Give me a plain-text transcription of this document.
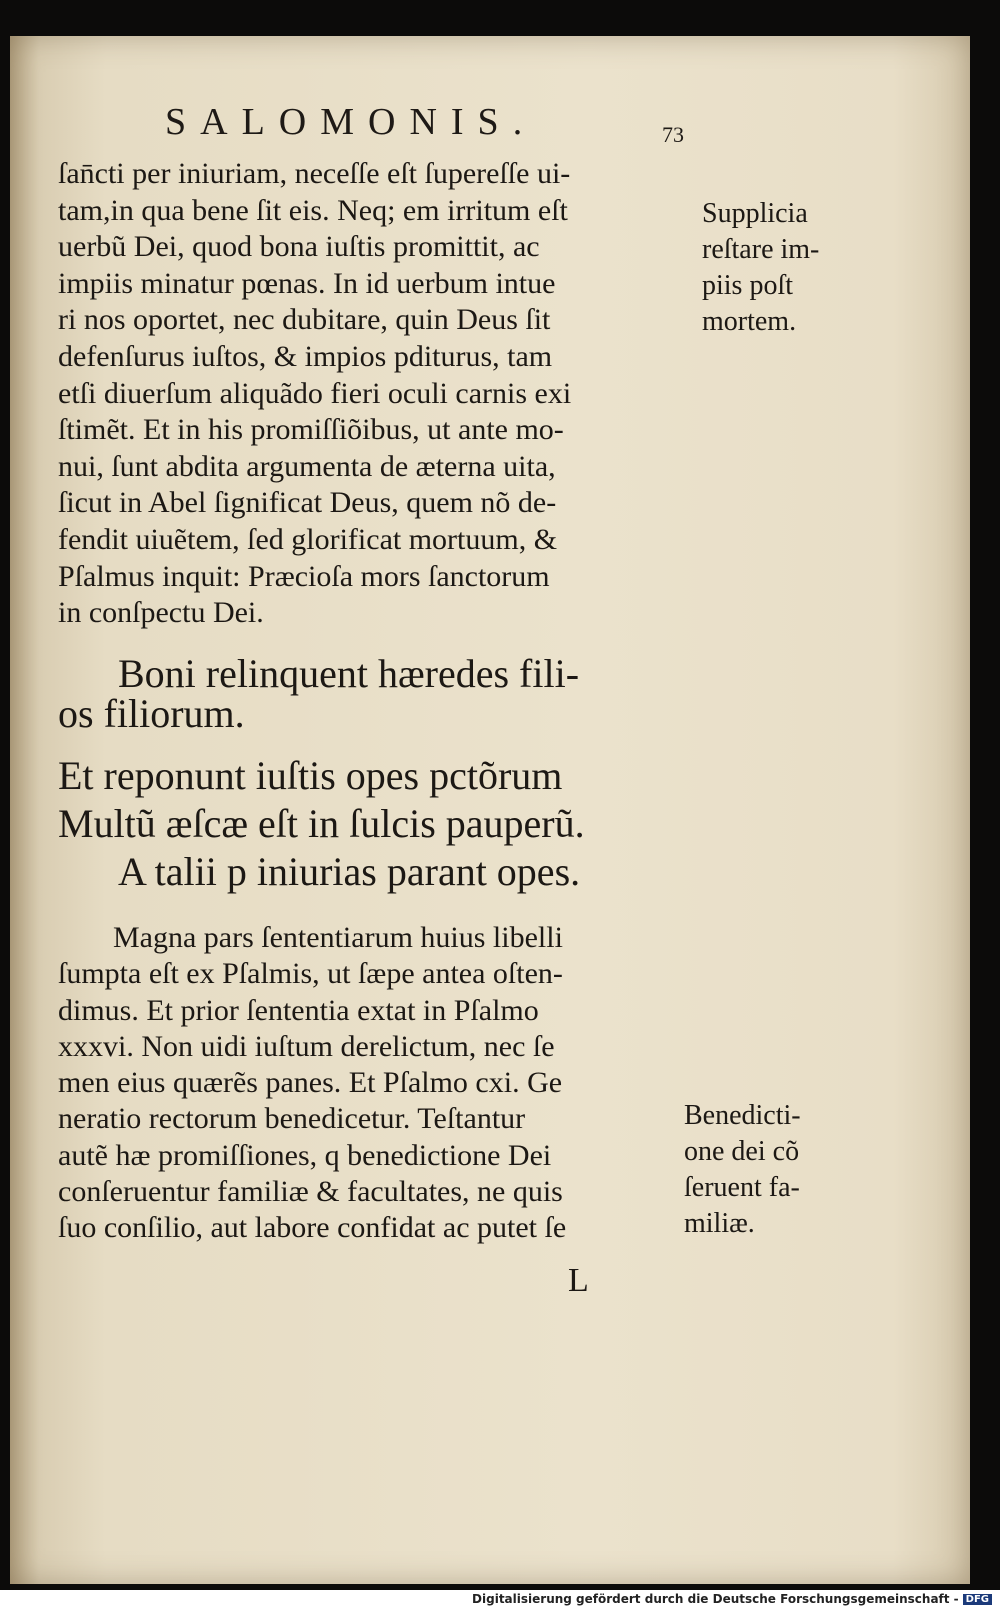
SALOMONIS.	73
ſan̄cti per iniuriam, neceſſe eſt ſupereſſe ui-
tam,in qua bene ſit eis. Neq; em irritum eſt
uerbũ Dei, quod bona iuſtis promittit, ac
impiis minatur pœnas. In id uerbum intue
ri nos oportet, nec dubitare, quin Deus ſit
defenſurus iuſtos, & impios pditurus, tam
etſi diuerſum aliquãdo fieri oculi carnis exi
ſtimẽt. Et in his promiſſiõibus, ut ante mo-
nui, ſunt abdita argumenta de æterna uita,
ſicut in Abel ſignificat Deus, quem nõ de-
fendit uiuẽtem, ſed glorificat mortuum, &
Pſalmus inquit: Præcioſa mors ſanctorum
in conſpectu Dei.
Boni relinquent hæredes fili-
os filiorum.
Et reponunt iuſtis opes pctõrum
Multũ æſcæ eſt in ſulcis pauperũ.
A talii p iniurias parant opes.
Magna pars ſententiarum huius libelli
ſumpta eſt ex Pſalmis, ut ſæpe antea oſten-
dimus. Et prior ſententia extat in Pſalmo
xxxvi. Non uidi iuſtum derelictum, nec ſe
men eius quærẽs panes. Et Pſalmo cxi. Ge
neratio rectorum benedicetur. Teſtantur
autẽ hæ promiſſiones, q benedictione Dei
conſeruentur familiæ & facultates, ne quis
ſuo conſilio, aut labore confidat ac putet ſe
Supplicia
reſtare im-
piis poſt
mortem.
Benedicti-
one dei cõ
ſeruent fa-
miliæ.
L
Digitalisierung gefördert durch die Deutsche Forschungsgemeinschaft - DFG
